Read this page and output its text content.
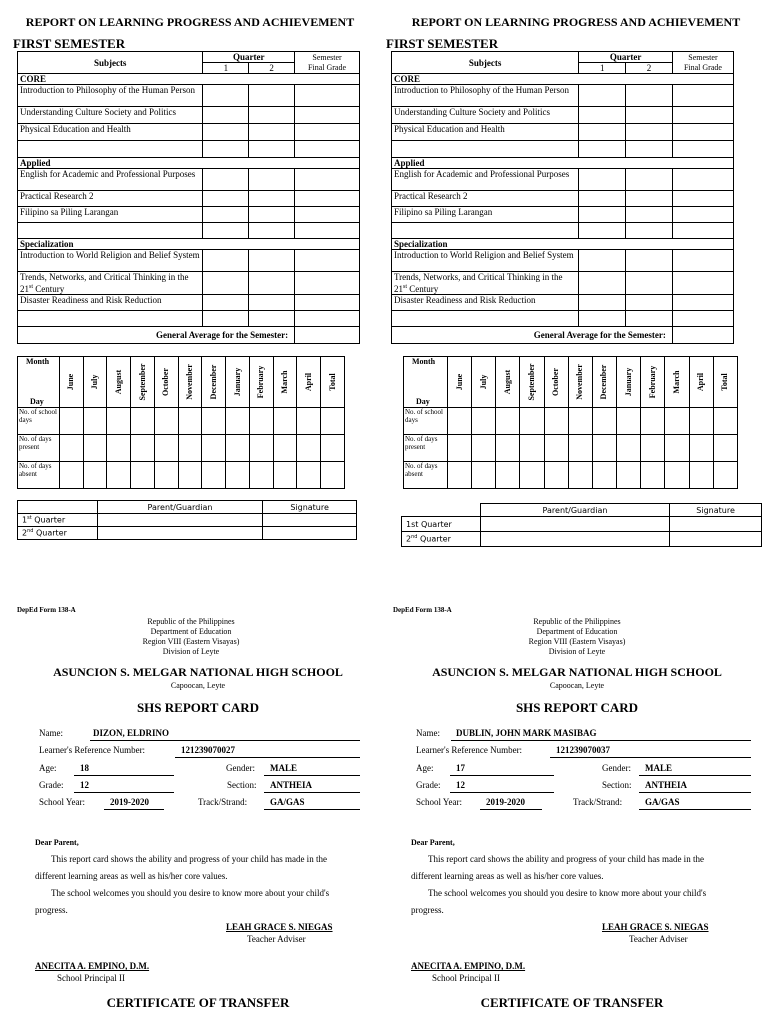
REPORT ON LEARNING PROGRESS AND ACHIEVEMENT
FIRST SEMESTER
Subjects	Quarter		Semester
Final Grade
	1	2	
CORE			
Introduction to Philosophy of the Human Person			
Understanding Culture Society and Politics			
Physical Education and Health			

Applied			
English for Academic and Professional Purposes			
Practical Research 2			
Filipino sa Piling Larangan			

Specialization			
Introduction to World Religion and Belief System			
Trends, Networks, and Critical Thinking in the 21st Century			
Disaster Readiness and Risk Reduction			

General Average for the Semester:			
Month
Day	June	July	August	September	October	November	December	January	February	March	April	Total

No. of school days												
No. of days present												
No. of days absent												
	Parent/Guardian	Signature
1st Quarter		
2nd Quarter		
DepEd Form 138-A
Republic of the Philippines
Department of Education
Region VIII (Eastern Visayas)
Division of Leyte
ASUNCION S. MELGAR NATIONAL HIGH SCHOOL
Capoocan, Leyte
SHS REPORT CARD
Name:	DIZON, ELDRINO
Learner's Reference Number:	121239070027
Age:	18	Gender: MALE
Grade: 12	Section: ANTHEIA
School Year:	2019-2020	Track/Strand:	GA/GAS
Dear Parent,
This report card shows the ability and progress of your child has made in the different learning areas as well as his/her core values.
The school welcomes you should you desire to know more about your child's progress.
LEAH GRACE S. NIEGAS
Teacher Adviser
ANECITA A. EMPINO, D.M.
School Principal II
CERTIFICATE OF TRANSFER
REPORT ON LEARNING PROGRESS AND ACHIEVEMENT
FIRST SEMESTER
Subjects	Quarter		Semester
Final Grade
	1	2	
CORE			
Introduction to Philosophy of the Human Person			
Understanding Culture Society and Politics			
Physical Education and Health			

Applied			
English for Academic and Professional Purposes			
Practical Research 2			
Filipino sa Piling Larangan			

Specialization			
Introduction to World Religion and Belief System			
Trends, Networks, and Critical Thinking in the 21st Century			
Disaster Readiness and Risk Reduction			

General Average for the Semester:			
Month
Day	June	July	August	September	October	November	December	January	February	March	April	Total

No. of school days												
No. of days present												
No. of days absent												
	Parent/Guardian	Signature
1st Quarter		
2nd Quarter		
DepEd Form 138-A
Republic of the Philippines
Department of Education
Region VIII (Eastern Visayas)
Division of Leyte
ASUNCION S. MELGAR NATIONAL HIGH SCHOOL
Capoocan, Leyte
SHS REPORT CARD
Name: DUBLIN, JOHN MARK MASIBAG
Learner's Reference Number:	121239070037
Age:	17	Gender: MALE
Grade: 12	Section: ANTHEIA
School Year:	2019-2020	Track/Strand:	GA/GAS
Dear Parent,
This report card shows the ability and progress of your child has made in the different learning areas as well as his/her core values.
The school welcomes you should you desire to know more about your child's progress.
LEAH GRACE S. NIEGAS
Teacher Adviser
ANECITA A. EMPINO, D.M.
School Principal II
CERTIFICATE OF TRANSFER
